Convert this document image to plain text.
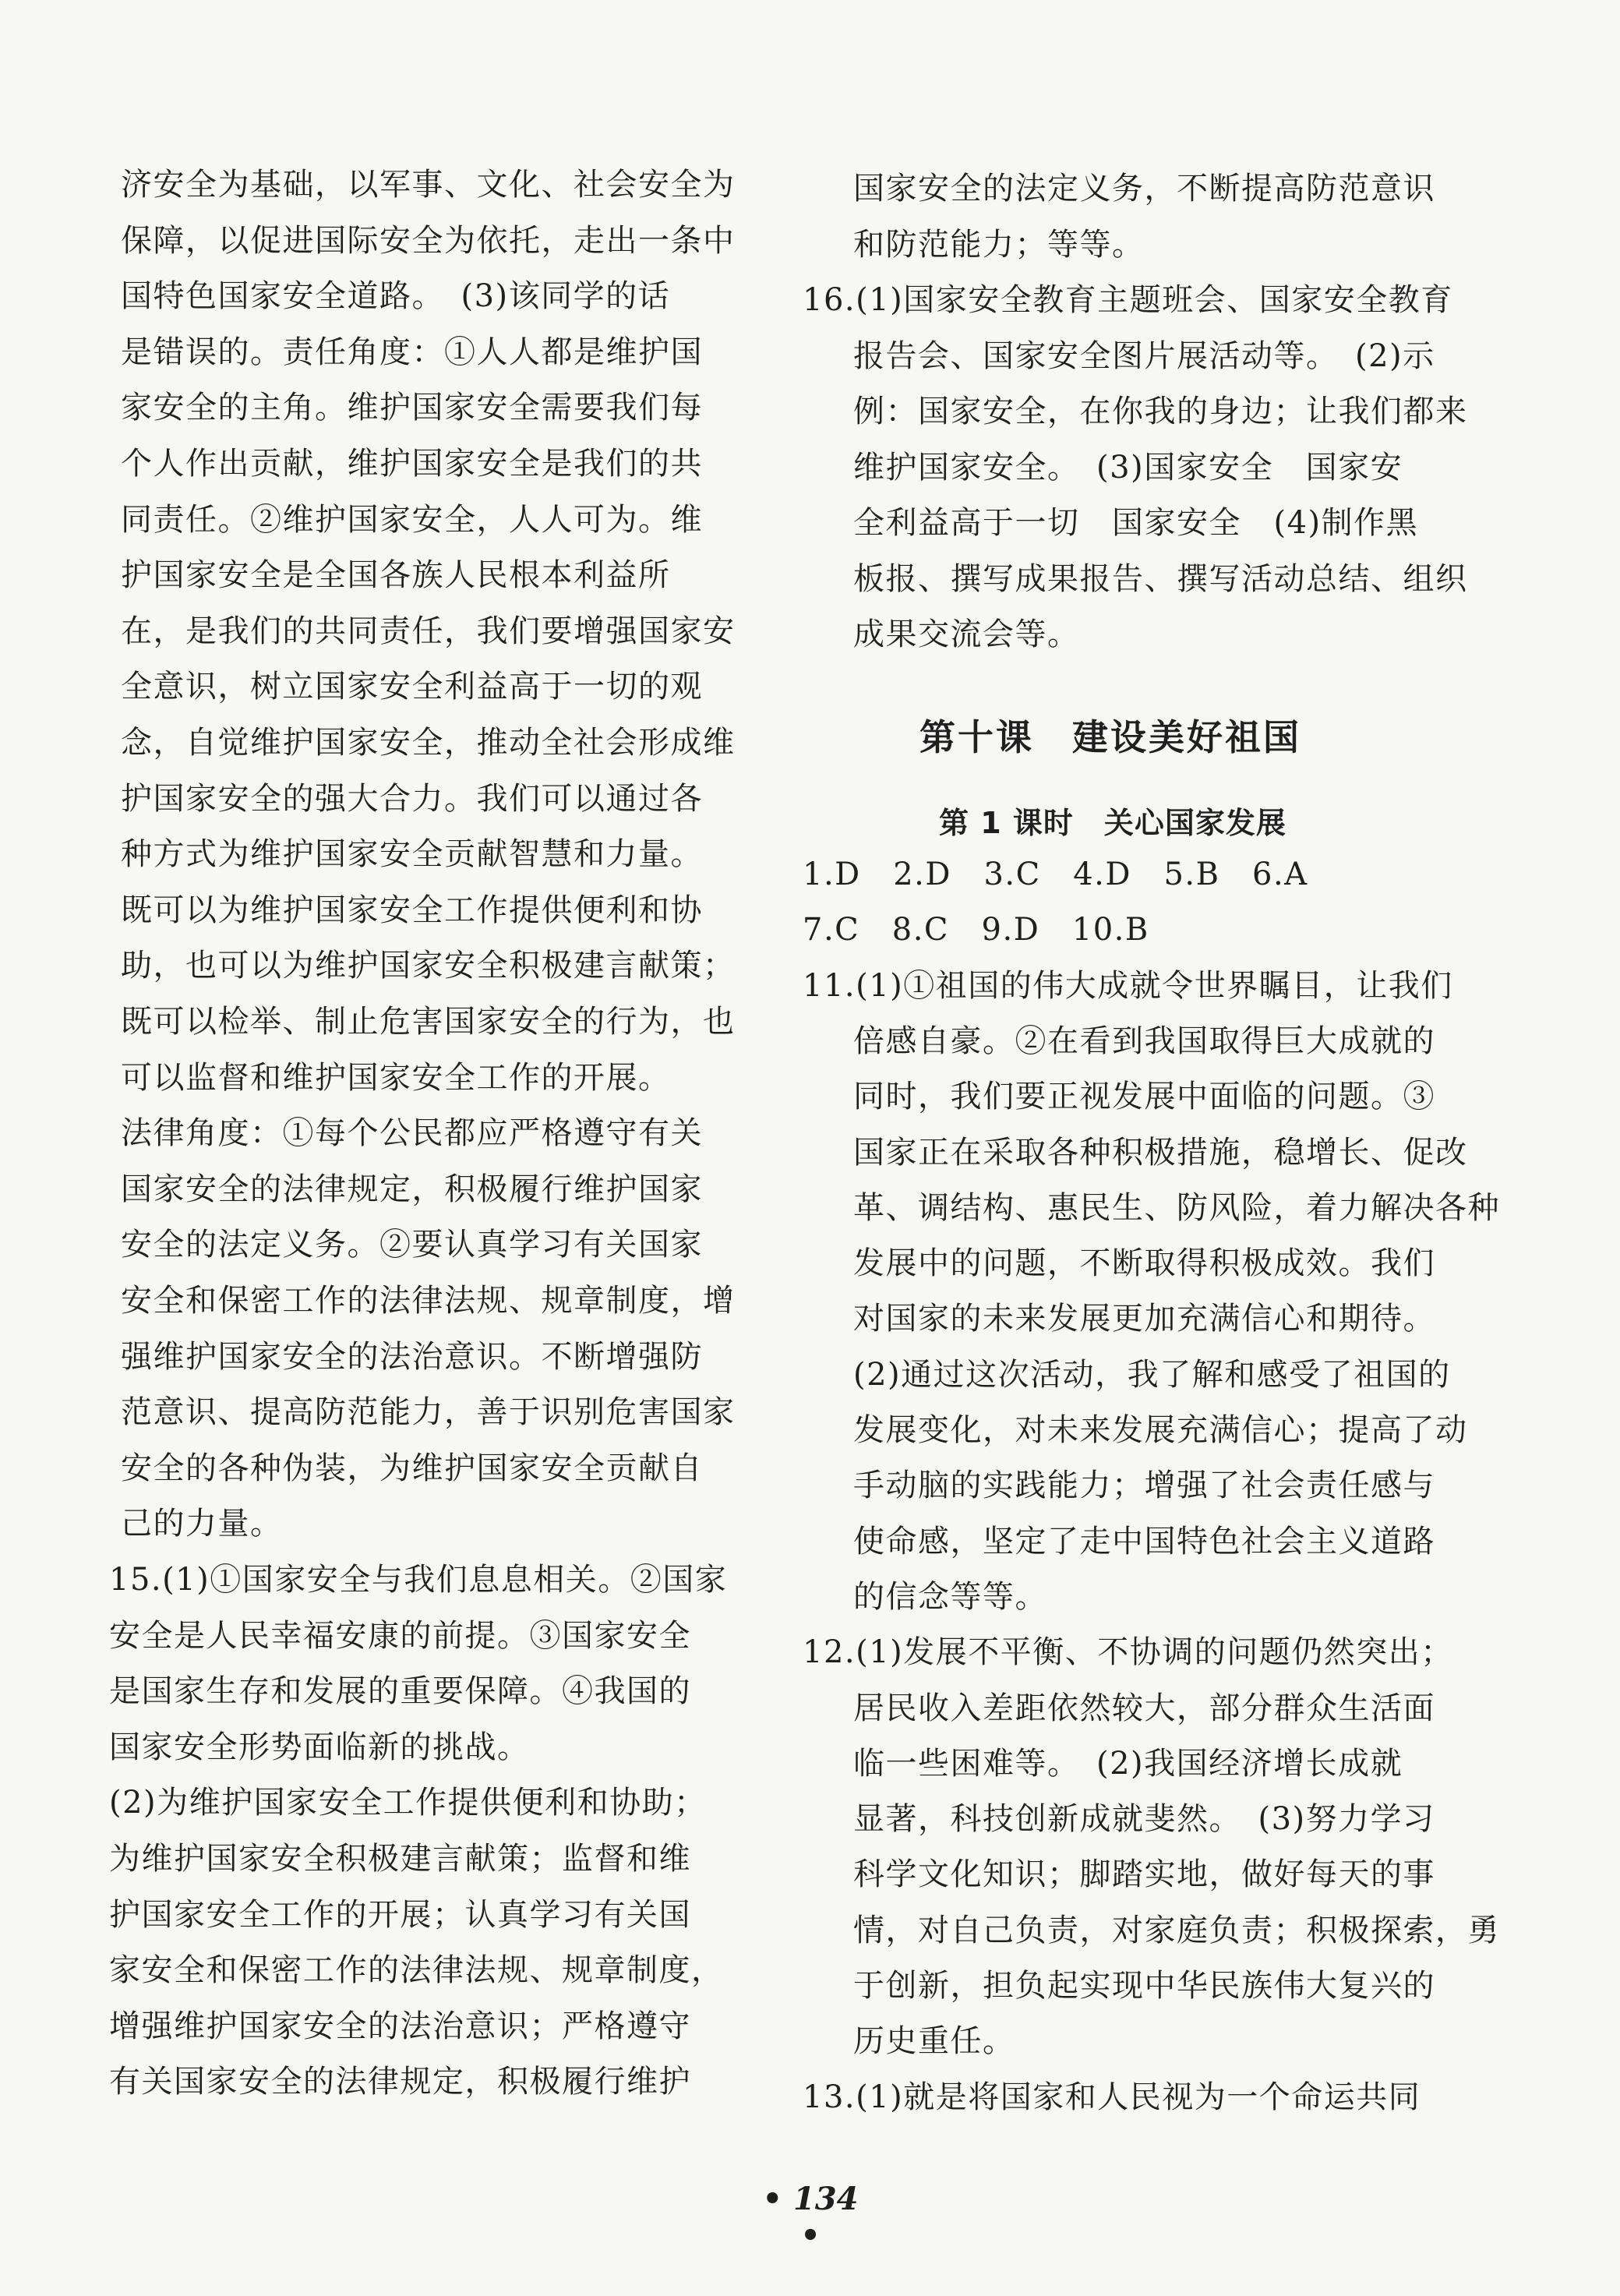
济安全为基础，以军事、文化、社会安全为
保障，以促进国际安全为依托，走出一条中
国特色国家安全道路。　(3)该同学的话
是错误的。责任角度：①人人都是维护国
家安全的主角。维护国家安全需要我们每
个人作出贡献，维护国家安全是我们的共
同责任。②维护国家安全，人人可为。维
护国家安全是全国各族人民根本利益所
在，是我们的共同责任，我们要增强国家安
全意识，树立国家安全利益高于一切的观
念，自觉维护国家安全，推动全社会形成维
护国家安全的强大合力。我们可以通过各
种方式为维护国家安全贡献智慧和力量。
既可以为维护国家安全工作提供便利和协
助，也可以为维护国家安全积极建言献策；
既可以检举、制止危害国家安全的行为，也
可以监督和维护国家安全工作的开展。
法律角度：①每个公民都应严格遵守有关
国家安全的法律规定，积极履行维护国家
安全的法定义务。②要认真学习有关国家
安全和保密工作的法律法规、规章制度，增
强维护国家安全的法治意识。不断增强防
范意识、提高防范能力，善于识别危害国家
安全的各种伪装，为维护国家安全贡献自
己的力量。
15.(1)①国家安全与我们息息相关。②国家
安全是人民幸福安康的前提。③国家安全
是国家生存和发展的重要保障。④我国的
国家安全形势面临新的挑战。
(2)为维护国家安全工作提供便利和协助；
为维护国家安全积极建言献策；监督和维
护国家安全工作的开展；认真学习有关国
家安全和保密工作的法律法规、规章制度，
增强维护国家安全的法治意识；严格遵守
有关国家安全的法律规定，积极履行维护
第十课　建设美好祖国
第 1 课时　关心国家发展
国家安全的法定义务，不断提高防范意识
和防范能力；等等。
16.(1)国家安全教育主题班会、国家安全教育
报告会、国家安全图片展活动等。　(2)示
例：国家安全，在你我的身边；让我们都来
维护国家安全。　(3)国家安全　国家安
全利益高于一切　国家安全　(4)制作黑
板报、撰写成果报告、撰写活动总结、组织
成果交流会等。
1.D　2.D　3.C　4.D　5.B　6.A
7.C　8.C　9.D　10.B
11.(1)①祖国的伟大成就令世界瞩目，让我们
倍感自豪。②在看到我国取得巨大成就的
同时，我们要正视发展中面临的问题。③
国家正在采取各种积极措施，稳增长、促改
革、调结构、惠民生、防风险，着力解决各种
发展中的问题，不断取得积极成效。我们
对国家的未来发展更加充满信心和期待。
(2)通过这次活动，我了解和感受了祖国的
发展变化，对未来发展充满信心；提高了动
手动脑的实践能力；增强了社会责任感与
使命感，坚定了走中国特色社会主义道路
的信念等等。
12.(1)发展不平衡、不协调的问题仍然突出；
居民收入差距依然较大，部分群众生活面
临一些困难等。　(2)我国经济增长成就
显著，科技创新成就斐然。　(3)努力学习
科学文化知识；脚踏实地，做好每天的事
情，对自己负责，对家庭负责；积极探索，勇
于创新，担负起实现中华民族伟大复兴的
历史重任。
13.(1)就是将国家和人民视为一个命运共同
• 134 •
